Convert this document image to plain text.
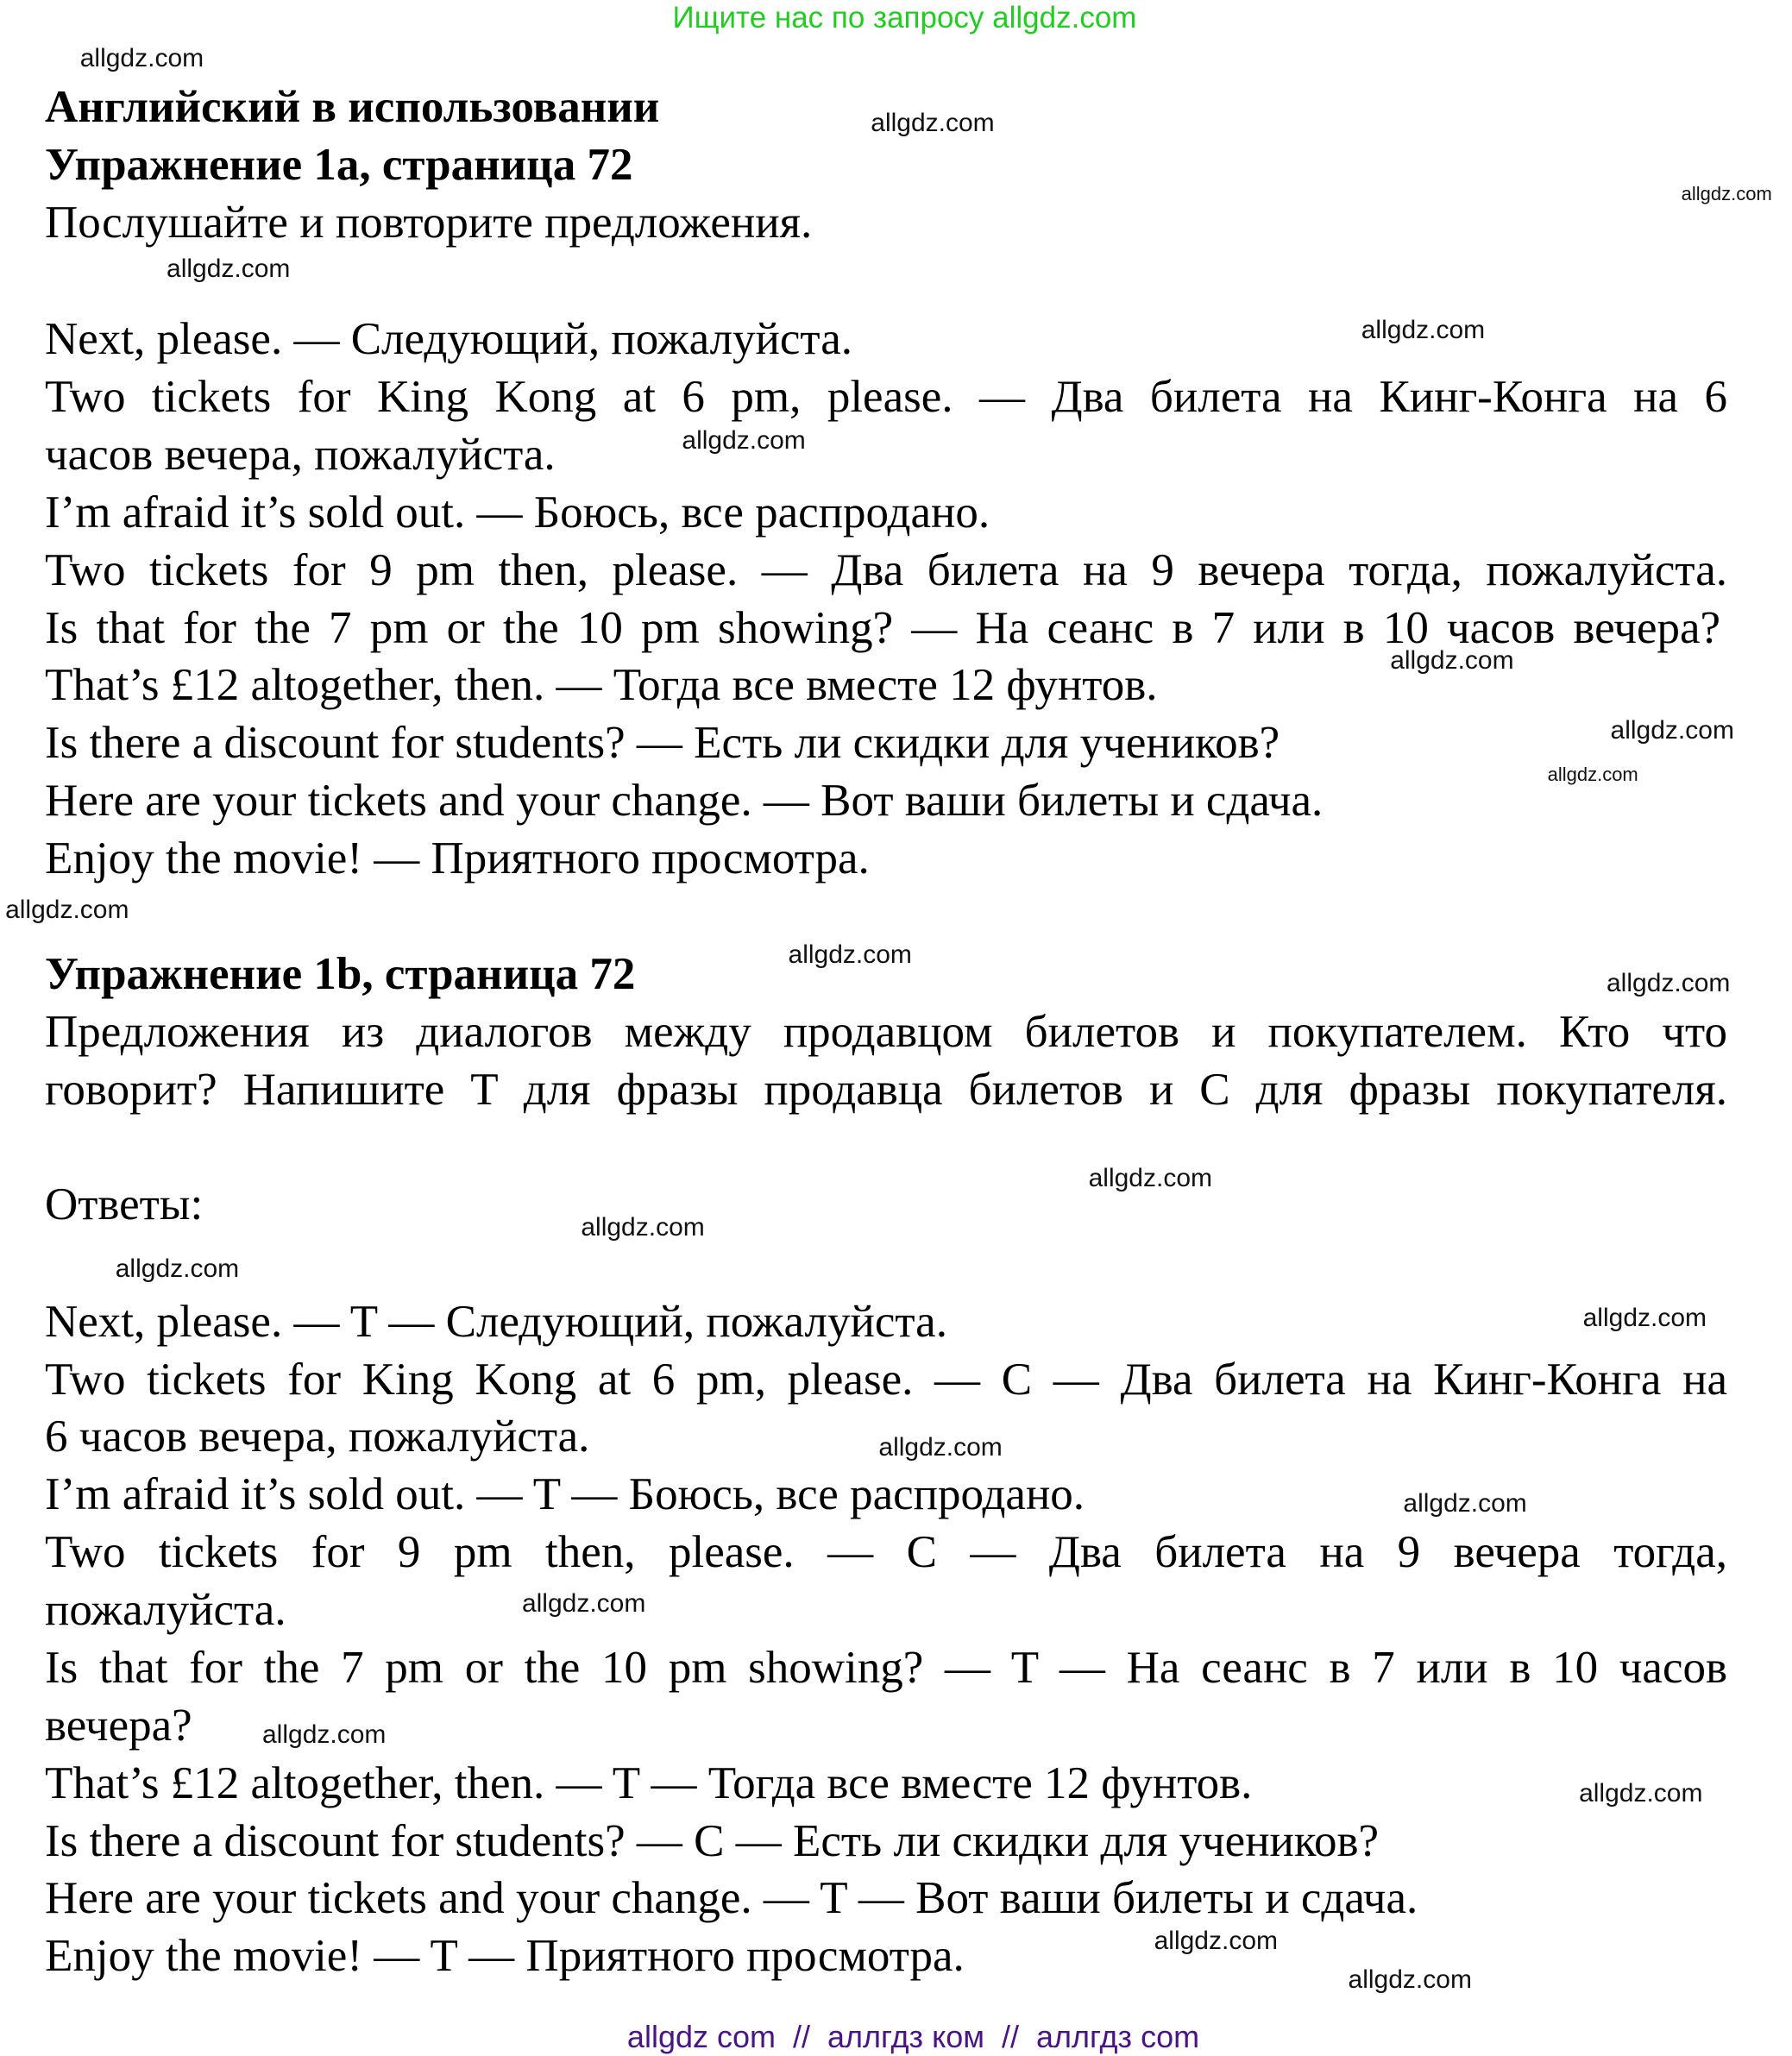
Ищите нас по запросу allgdz.com
Английский в использовании
Упражнение 1a, страница 72
Послушайте и повторите предложения.
Next, please. — Следующий, пожалуйста.
Two tickets for King Kong at 6 pm, please. — Два билета на Кинг-Конга на 6
часов вечера, пожалуйста.
I’m afraid it’s sold out. — Боюсь, все распродано.
Two tickets for 9 pm then, please. — Два билета на 9 вечера тогда, пожалуйста.
Is that for the 7 pm or the 10 pm showing? — На сеанс в 7 или в 10 часов вечера?
That’s £12 altogether, then. — Тогда все вместе 12 фунтов.
Is there a discount for students? — Есть ли скидки для учеников?
Here are your tickets and your change. — Вот ваши билеты и сдача.
Enjoy the movie! — Приятного просмотра.
Упражнение 1b, страница 72
Предложения из диалогов между продавцом билетов и покупателем. Кто что
говорит? Напишите T для фразы продавца билетов и C для фразы покупателя.
Ответы:
Next, please. — T — Следующий, пожалуйста.
Two tickets for King Kong at 6 pm, please. — C — Два билета на Кинг-Конга на
6 часов вечера, пожалуйста.
I’m afraid it’s sold out. — T — Боюсь, все распродано.
Two tickets for 9 pm then, please. — C — Два билета на 9 вечера тогда,
пожалуйста.
Is that for the 7 pm or the 10 pm showing? — T — На сеанс в 7 или в 10 часов
вечера?
That’s £12 altogether, then. — T — Тогда все вместе 12 фунтов.
Is there a discount for students? — C — Есть ли скидки для учеников?
Here are your tickets and your change. — T — Вот ваши билеты и сдача.
Enjoy the movie! — T — Приятного просмотра.
allgdz.com
allgdz.com
allgdz.com
allgdz.com
allgdz.com
allgdz.com
allgdz.com
allgdz.com
allgdz.com
allgdz.com
allgdz.com
allgdz.com
allgdz.com
allgdz.com
allgdz.com
allgdz.com
allgdz.com
allgdz.com
allgdz.com
allgdz.com
allgdz.com
allgdz.com
allgdz.com
allgdz com  //  аллгдз ком  //  аллгдз com
